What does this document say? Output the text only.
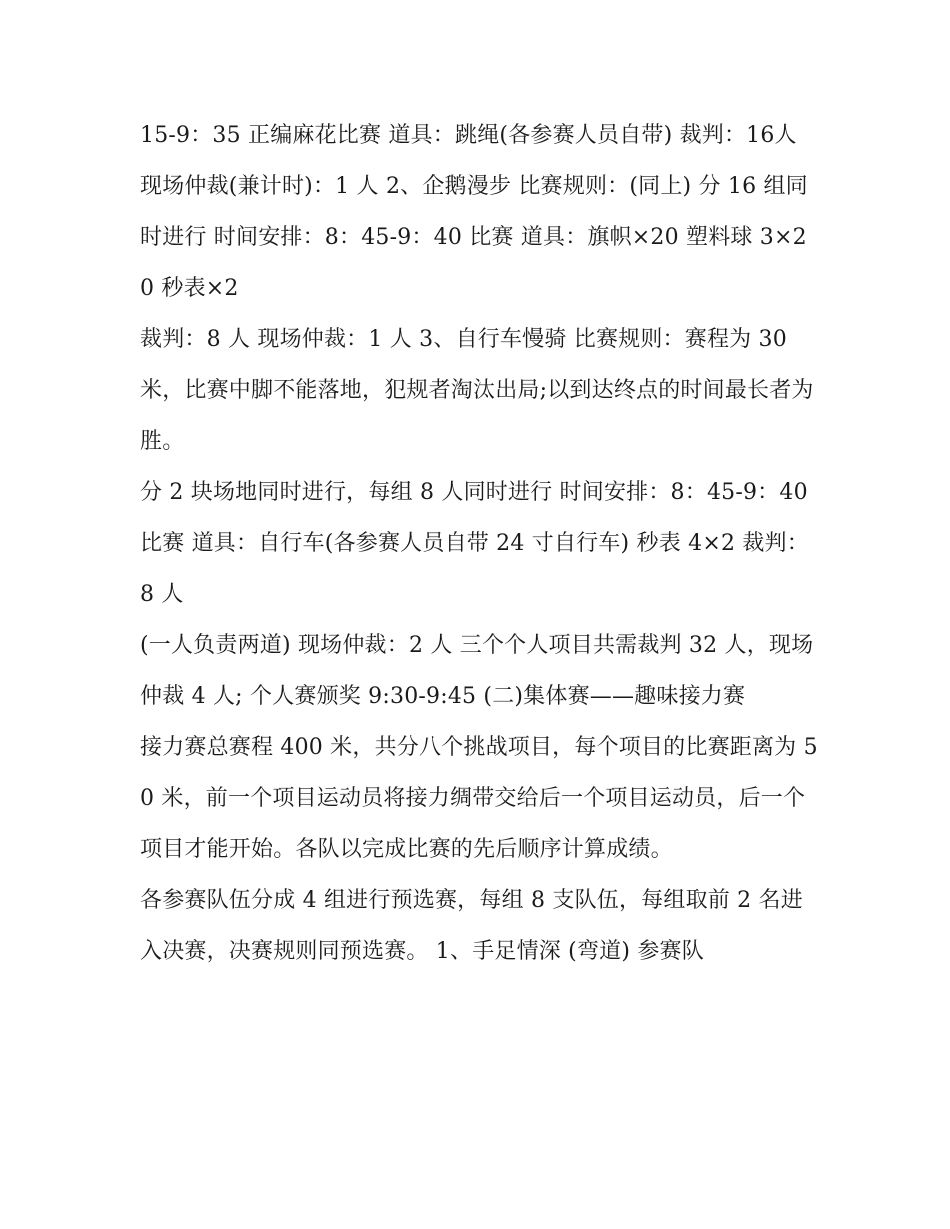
15-9：35 正编麻花比赛 道具：跳绳(各参赛人员自带) 裁判：16人

现场仲裁(兼计时)：1 人 2、企鹅漫步 比赛规则：(同上) 分 16 组同时进行 时间安排：8：45-9：40 比赛 道具：旗帜×20 塑料球 3×20 秒表×2

裁判：8 人 现场仲裁：1 人 3、自行车慢骑 比赛规则：赛程为 30 米，比赛中脚不能落地，犯规者淘汰出局;以到达终点的时间最长者为胜。

分 2 块场地同时进行，每组 8 人同时进行 时间安排：8：45-9：40 比赛 道具：自行车(各参赛人员自带 24 寸自行车) 秒表 4×2 裁判：8 人

(一人负责两道) 现场仲裁：2 人 三个个人项目共需裁判 32 人，现场仲裁 4 人; 个人赛颁奖 9:30-9:45 (二)集体赛——趣味接力赛

接力赛总赛程 400 米，共分八个挑战项目，每个项目的比赛距离为 50 米，前一个项目运动员将接力绸带交给后一个项目运动员，后一个项目才能开始。各队以完成比赛的先后顺序计算成绩。

各参赛队伍分成 4 组进行预选赛，每组 8 支队伍，每组取前 2 名进入决赛，决赛规则同预选赛。 1、手足情深 (弯道) 参赛队
